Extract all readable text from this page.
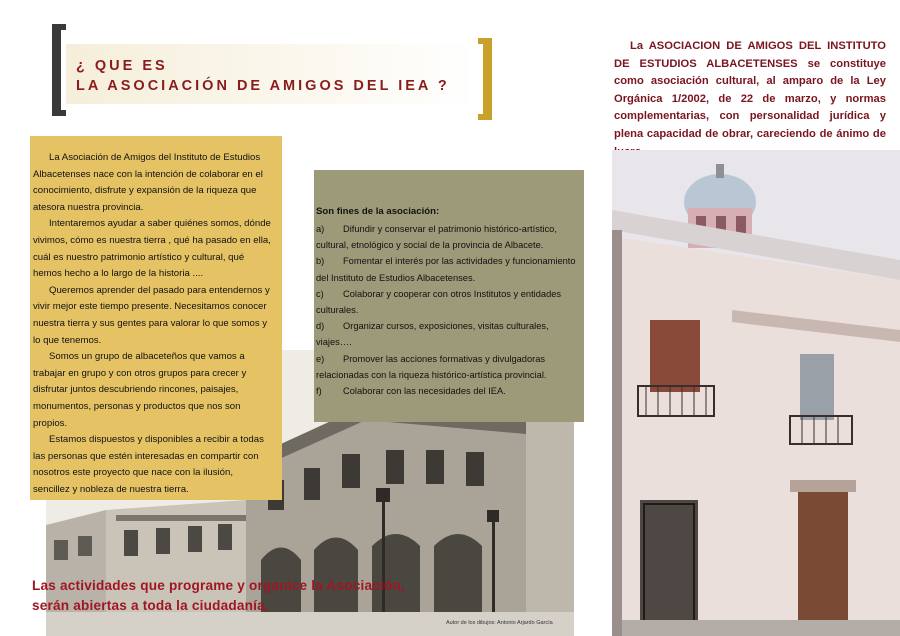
¿ QUE ES
LA ASOCIACIÓN DE AMIGOS DEL IEA ?
La ASOCIACION DE AMIGOS DEL INSTITUTO DE ESTUDIOS ALBACETENSES se constituye como asociación cultural, al amparo de la Ley Orgánica 1/2002, de 22 de marzo, y normas complementarias, con personalidad jurídica y plena capacidad de obrar, careciendo de ánimo de

La Asociación de Amigos del Instituto de Estudios Albacetenses nace con la intención de colaborar en el conocimiento, disfrute y expansión de la riqueza que atesora nuestra provincia.

Intentaremos ayudar a saber quiénes somos, dónde vivimos, cómo es nuestra tierra , qué ha pasado en ella, cuál es nuestro patrimonio artístico y cultural, qué hemos hecho a lo largo de la historia ....

Queremos aprender del pasado para entendernos y vivir mejor este tiempo presente. Necesitamos conocer nuestra tierra y sus gentes para valorar lo que somos y lo que tenemos.

Somos un grupo de albaceteños que vamos a trabajar en grupo y con otros grupos para crecer y disfrutar juntos descubriendo rincones, paisajes, monumentos, personas y productos que nos son propios.

Estamos dispuestos y disponibles a recibir a todas las personas que estén interesadas en compartir con nosotros este proyecto que nace con la ilusión, sencillez y nobleza de nuestra tierra.

Son fines de la asociación:

a) Difundir y conservar el patrimonio histórico-artístico, cultural, etnológico y social de la provincia de Albacete.

b) Fomentar el interés por las actividades y funcionamiento del Instituto de Estudios Albacetenses.

c) Colaborar y cooperar con otros Institutos y entidades culturales.

d) Organizar cursos, exposiciones, visitas culturales, viajes….

e) Promover las acciones formativas y divulgadoras relacionadas con la riqueza histórico-artística provincial.

f) Colaborar con las necesidades del IEA.

Las actividades que programe y organice la Asociación,
serán abiertas a toda la ciudadanía.
Autor de los dibujos: Antonio Arjardo García
